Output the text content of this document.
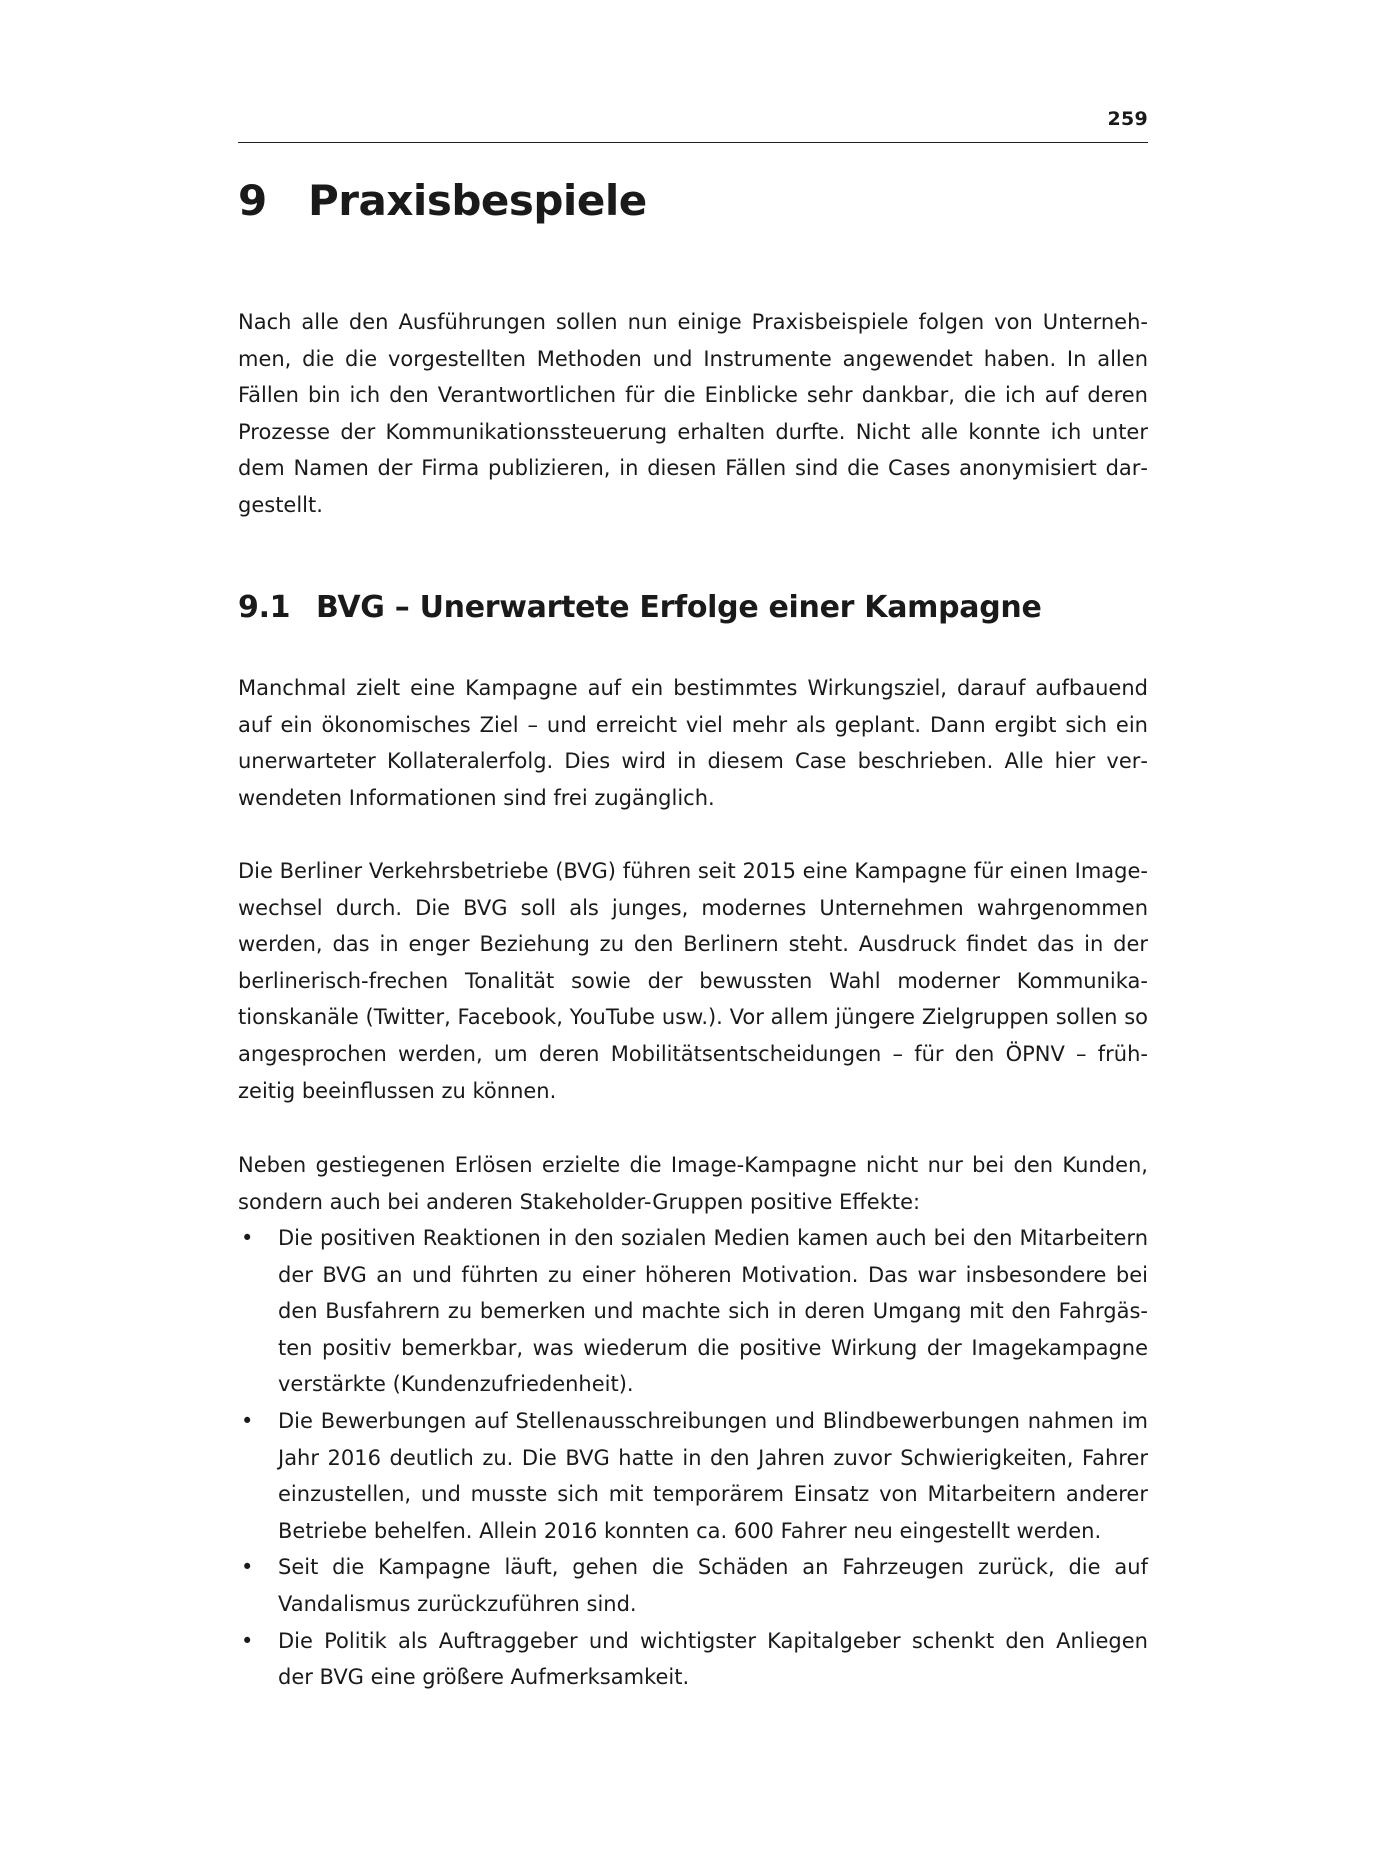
259
9 Praxisbespiele

Nach alle den Ausführungen sollen nun einige Praxisbeispiele folgen von Unternehmen, die die vorgestellten Methoden und Instrumente angewendet haben. In allen Fällen bin ich den Verantwortlichen für die Einblicke sehr dankbar, die ich auf deren Prozesse der Kommunikationssteuerung erhalten durfte. Nicht alle konnte ich unter dem Namen der Firma publizieren, in diesen Fällen sind die Cases anonymisiert dargestellt.

9.1 BVG – Unerwartete Erfolge einer Kampagne

Manchmal zielt eine Kampagne auf ein bestimmtes Wirkungsziel, darauf aufbauend auf ein ökonomisches Ziel – und erreicht viel mehr als geplant. Dann ergibt sich ein unerwarteter Kollateralerfolg. Dies wird in diesem Case beschrieben. Alle hier verwendeten Informationen sind frei zugänglich.

Die Berliner Verkehrsbetriebe (BVG) führen seit 2015 eine Kampagne für einen Imagewechsel durch. Die BVG soll als junges, modernes Unternehmen wahrgenommen werden, das in enger Beziehung zu den Berlinern steht. Ausdruck findet das in der berlinerisch-frechen Tonalität sowie der bewussten Wahl moderner Kommunikationskanäle (Twitter, Facebook, YouTube usw.). Vor allem jüngere Zielgruppen sollen so angesprochen werden, um deren Mobilitätsentscheidungen – für den ÖPNV – frühzeitig beeinflussen zu können.

Neben gestiegenen Erlösen erzielte die Image-Kampagne nicht nur bei den Kunden, sondern auch bei anderen Stakeholder-Gruppen positive Effekte:

• Die positiven Reaktionen in den sozialen Medien kamen auch bei den Mitarbeitern der BVG an und führten zu einer höheren Motivation. Das war insbesondere bei den Busfahrern zu bemerken und machte sich in deren Umgang mit den Fahrgästen positiv bemerkbar, was wiederum die positive Wirkung der Imagekampagne verstärkte (Kundenzufriedenheit).
• Die Bewerbungen auf Stellenausschreibungen und Blindbewerbungen nahmen im Jahr 2016 deutlich zu. Die BVG hatte in den Jahren zuvor Schwierigkeiten, Fahrer einzustellen, und musste sich mit temporärem Einsatz von Mitarbeitern anderer Betriebe behelfen. Allein 2016 konnten ca. 600 Fahrer neu eingestellt werden.
• Seit die Kampagne läuft, gehen die Schäden an Fahrzeugen zurück, die auf Vandalismus zurückzuführen sind.
• Die Politik als Auftraggeber und wichtigster Kapitalgeber schenkt den Anliegen der BVG eine größere Aufmerksamkeit.
